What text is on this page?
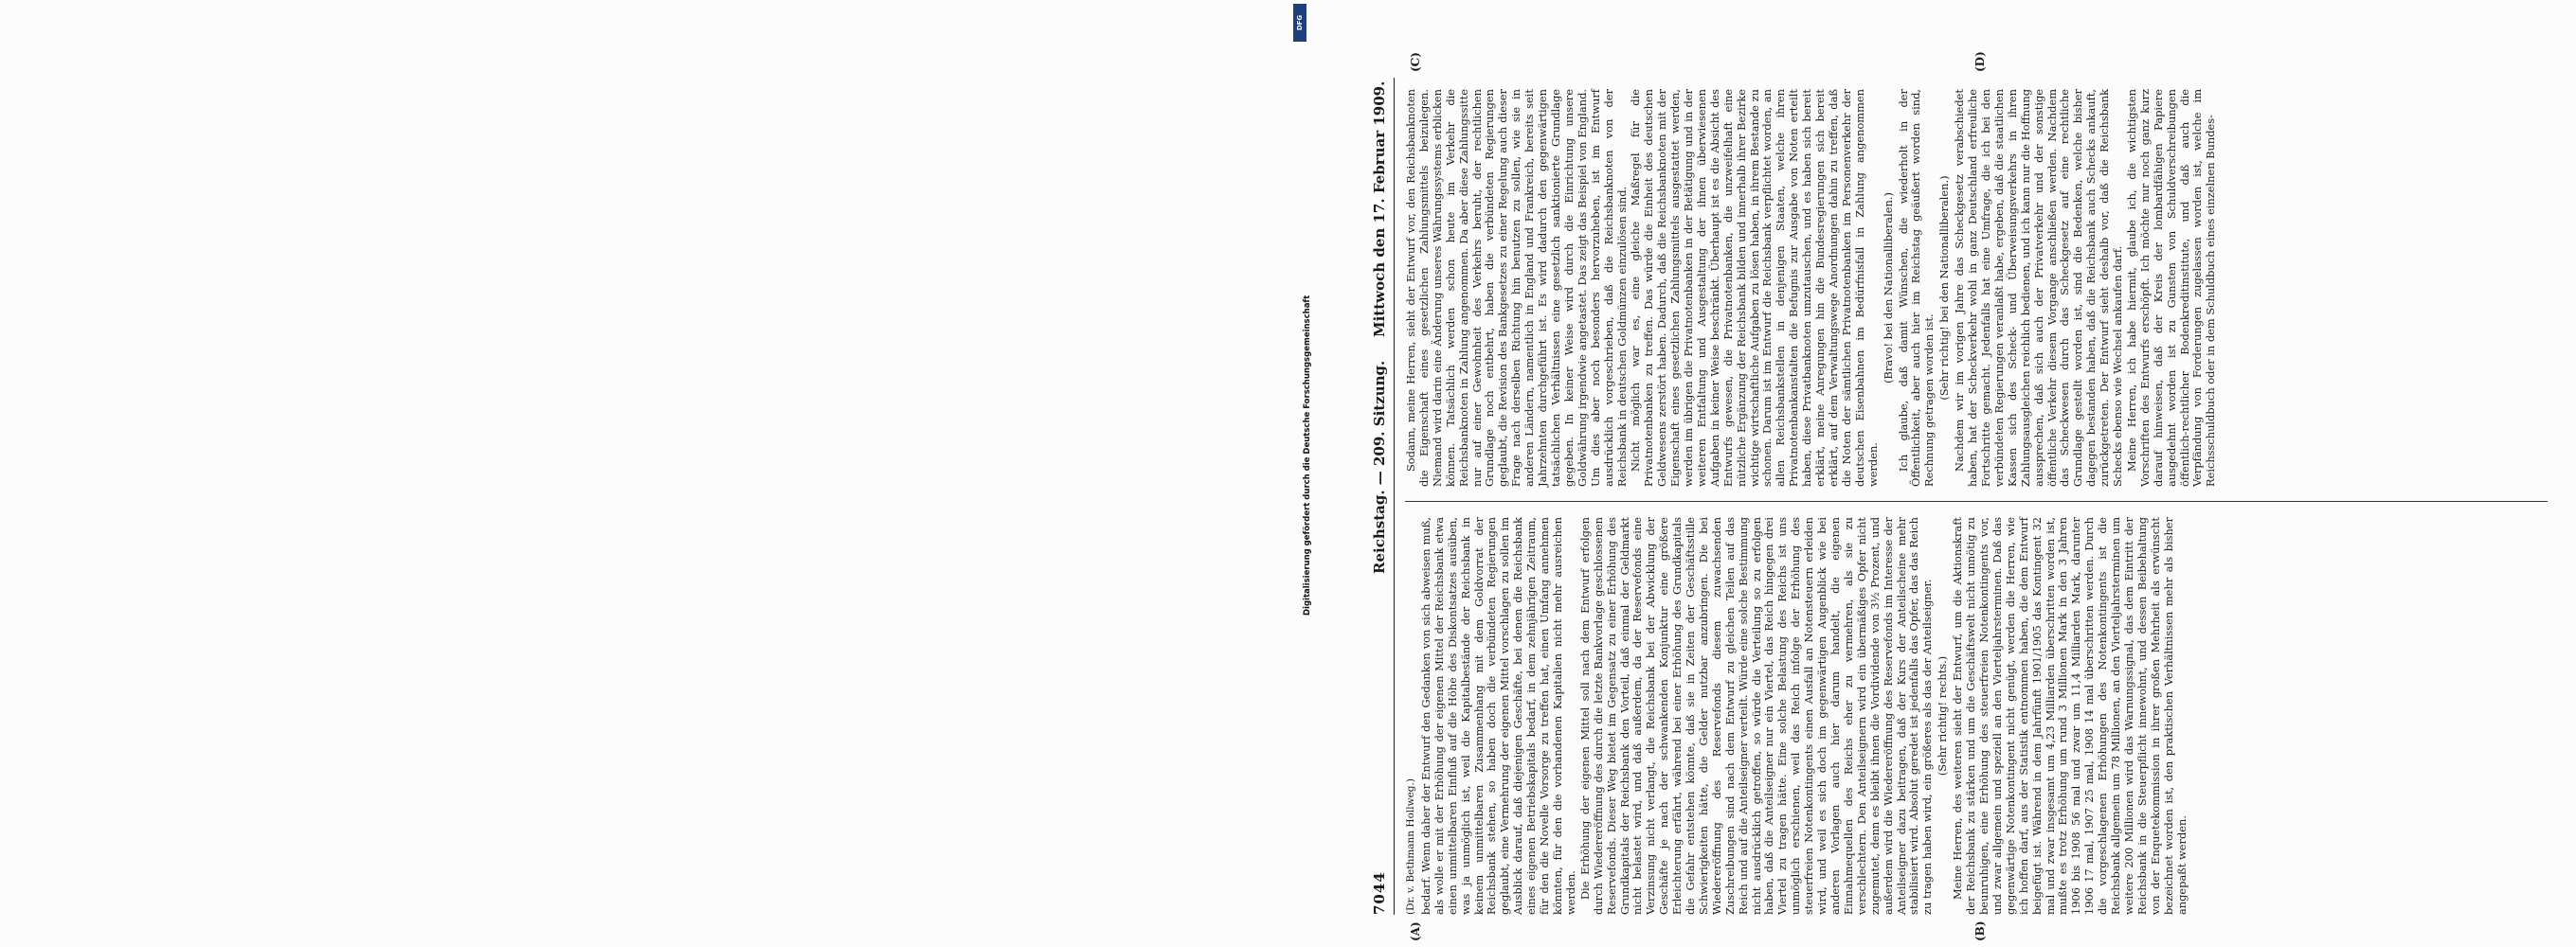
7044
Reichstag. — 209. Sitzung.
Mittwoch den 17. Februar 1909.
(A)	(B)
(C)	(D)
(Dr. v. Bethmann Hollweg.) bedarf. Wenn daher der Entwurf den Gedanken von sich abweisen muß, als wolle er mit der Erhöhung der eigenen Mittel der Reichsbank etwa einen unmittelbaren Einfluß auf die Höhe des Diskontsatzes ausüben, was ja unmöglich ist, weil die Kapitalbestände der Reichsbank in keinem unmittelbaren Zusammenhang mit dem Goldvorrat der Reichsbank stehen, so haben doch die verbündeten Regierungen geglaubt, eine Vermehrung der eigenen Mittel vorschlagen zu sollen im Ausblick darauf, daß diejenigen Geschäfte, bei denen die Reichsbank eines eigenen Betriebskapitals bedarf, in dem zehnjährigen Zeitraum, für den die Novelle Vorsorge zu treffen hat, einen Umfang annehmen könnten, für den die vorhandenen Kapitalien nicht mehr ausreichen werden. Die Erhöhung der eigenen Mittel soll nach dem Entwurf erfolgen durch Wiedereröffnung des durch die letzte Bankvorlage geschlossenen Reservefonds. Dieser Weg bietet im Gegensatz zu einer Erhöhung des Grundkapitals der Reichsbank den Vorteil, daß einmal der Geldmarkt nicht belastet wird, und daß außerdem, da der Reservefonds eine Verzinsung nicht verlangt, die Reichsbank bei der Abwicklung der Geschäfte je nach der schwankenden Konjunktur eine größere Erleichterung erfährt, während bei einer Erhöhung des Grundkapitals die Gefahr entstehen könnte, daß sie in Zeiten der Geschäftsstille Schwierigkeiten hätte, die Gelder nutzbar anzubringen. Die bei Wiedereröffnung des Reservefonds diesem zuwachsenden Zuschreibungen sind nach dem Entwurf zu gleichen Teilen auf das Reich und auf die Anteilseigner verteilt. Würde eine solche Bestimmung nicht ausdrücklich getroffen, so würde die Verteilung so zu erfolgen haben, daß die Anteilseigner nur ein Viertel, das Reich hingegen drei Viertel zu tragen hätte. Eine solche Belastung des Reichs ist uns unmöglich erschienen, weil das Reich infolge der Erhöhung des steuerfreien Notenkontingents einen Ausfall an Notensteuern erleiden wird, und weil es sich doch im gegenwärtigen Augenblick wie bei anderen Vorlagen auch hier darum handelt, die eigenen Einnahmequellen des Reichs eher zu vermehren, als sie zu verschlechtern. Den Anteilseignern wird ein übermäßiges Opfer nicht zugemutet, denn es bleibt ihnen die Vordividende von 3½ Prozent, und außerdem wird die Wiedereröffnung des Reservefonds im Interesse der Anteilseigner dazu beitragen, daß der Kurs der Anteilscheine mehr stabilisiert wird. Absolut geredet ist jedenfalls das Opfer, das das Reich zu tragen haben wird, ein größeres als das der Anteilseigner. (Sehr richtig! rechts.) Meine Herren, des weiteren sieht der Entwurf, um die Aktionskraft der Reichsbank zu stärken und um die Geschäftswelt nicht unnötig zu beunruhigen, eine Erhöhung des steuerfreien Notenkontingents vor, und zwar allgemein und speziell an den Vierteljahrsterminen. Daß das gegenwärtige Notenkontingent nicht genügt, werden die Herren, wie ich hoffen darf, aus der Statistik entnommen haben, die dem Entwurf beigefügt ist. Während in dem Jahrfünft 1901/1905 das Kontingent 32 mal und zwar insgesamt um 4,23 Milliarden überschritten worden ist, mußte es trotz Erhöhung um rund 3 Millionen Mark in den 3 Jahren 1906 bis 1908 56 mal und zwar um 11,4 Milliarden Mark, darunter 1906 17 mal, 1907 25 mal, 1908 14 mal überschritten werden. Durch die vorgeschlagenen Erhöhungen des Notenkontingents ist die Reichsbank allgemein um 78 Millionen, an den Vierteljahrsterminen um weitere 200 Millionen wird das Warnungssignal, das dem Eintritt der Reichsbank in die Steuerpflicht innewohnt, und dessen Beibehaltung von der Enquetekommission in ihrer großen Mehrheit als erwünscht bezeichnet worden ist, den praktischen Verhältnissen mehr als bisher angepaßt werden.

Sodann, meine Herren, sieht der Entwurf vor, den Reichsbanknoten die Eigenschaft eines gesetzlichen Zahlungsmittels beizulegen. Niemand wird darin eine Änderung unseres Währungssystems erblicken können. Tatsächlich werden schon heute im Verkehr die Reichsbanknoten in Zahlung angenommen. Da aber diese Zahlungssitte nur auf einer Gewohnheit des Verkehrs beruht, der rechtlichen Grundlage noch entbehrt, haben die verbündeten Regierungen geglaubt, die Revision des Bankgesetzes zu einer Regelung auch dieser Frage nach derselben Richtung hin benutzen zu sollen, wie sie in anderen Ländern, namentlich in England und Frankreich, bereits seit Jahrzehnten durchgeführt ist. Es wird dadurch den gegenwärtigen tatsächlichen Verhältnissen eine gesetzlich sanktionierte Grundlage gegeben. In keiner Weise wird durch die Einrichtung unsere Goldwährung irgendwie angetastet. Das zeigt das Beispiel von England. Um dies aber noch besonders hervorzuheben, ist im Entwurf ausdrücklich vorgeschrieben, daß die Reichsbanknoten von der Reichsbank in deutschen Goldmünzen einzulösen sind. Nicht möglich war es, eine gleiche Maßregel für die Privatnotenbanken zu treffen. Das würde die Einheit des deutschen Geldwesens zerstört haben. Dadurch, daß die Reichsbanknoten mit der Eigenschaft eines gesetzlichen Zahlungsmittels ausgestattet werden, werden im übrigen die Privatnotenbanken in der Betätigung und in der weiteren Entfaltung und Ausgestaltung der ihnen überwiesenen Aufgaben in keiner Weise beschränkt. Überhaupt ist es die Absicht des Entwurfs gewesen, die Privatnotenbanken, die unzweifelhaft eine nützliche Ergänzung der Reichsbank bilden und innerhalb ihrer Bezirke wichtige wirtschaftliche Aufgaben zu lösen haben, in ihrem Bestande zu schonen. Darum ist im Entwurf die Reichsbank verpflichtet worden, an allen Reichsbankstellen in denjenigen Staaten, welche ihren Privatnotenbankanstalten die Befugnis zur Ausgabe von Noten erteilt haben, diese Privatbanknoten umzutauschen, und es haben sich bereit erklärt, meine Anregungen hin die Bundesregierungen sich bereit erklärt, auf dem Verwaltungswege Anordnungen dahin zu treffen, daß die Noten der sämtlichen Privatnotenbanken im Personenverkehr der deutschen Eisenbahnen im Bedürfnisfall in Zahlung angenommen werden.

(Bravo! bei den Nationalliberalen.) Ich glaube, daß damit Wünschen, die wiederholt in der Öffentlichkeit, aber auch hier im Reichstag geäußert worden sind, Rechnung getragen worden ist.

(Sehr richtig! bei den Nationalliberalen.) Nachdem wir im vorigen Jahre das Scheckgesetz verabschiedet haben, hat der Scheckverkehr wohl in ganz Deutschland erfreuliche Fortschritte gemacht. Jedenfalls hat eine Umfrage, die ich bei den verbündeten Regierungen veranlaßt habe, ergeben, daß die staatlichen Kassen sich des Scheck- und Überweisungsverkehrs in ihren Zahlungsausgleichen reichlich bedienen, und ich kann nur die Hoffnung aussprechen, daß sich auch der Privatverkehr und der sonstige öffentliche Verkehr diesem Vorgange anschließen werden. Nachdem das Scheckwesen durch das Scheckgesetz auf eine rechtliche Grundlage gestellt worden ist, sind die Bedenken, welche bisher dagegen bestanden haben, daß die Reichsbank auch Schecks ankauft, zurückgetreten. Der Entwurf sieht deshalb vor, daß die Reichsbank Schecks ebenso wie Wechsel ankaufen darf. Meine Herren, ich habe hiermit, glaube ich, die wichtigsten Vorschriften des Entwurfs erschöpft. Ich möchte nur noch ganz kurz darauf hinweisen, daß der Kreis der lombardfähigen Papiere ausgedehnt worden ist zu Gunsten von Schuldverschreibungen öffentlich-rechtlicher Bodenkreditinstitute, und daß auch die Verpfändung von Forderungen zugelassen worden ist, welche im Reichsschuldbuch oder in dem Schuldbuch eines einzelnen Bundes-

DFG
Digitalisierung gefördert durch die Deutsche Forschungsgemeinschaft
